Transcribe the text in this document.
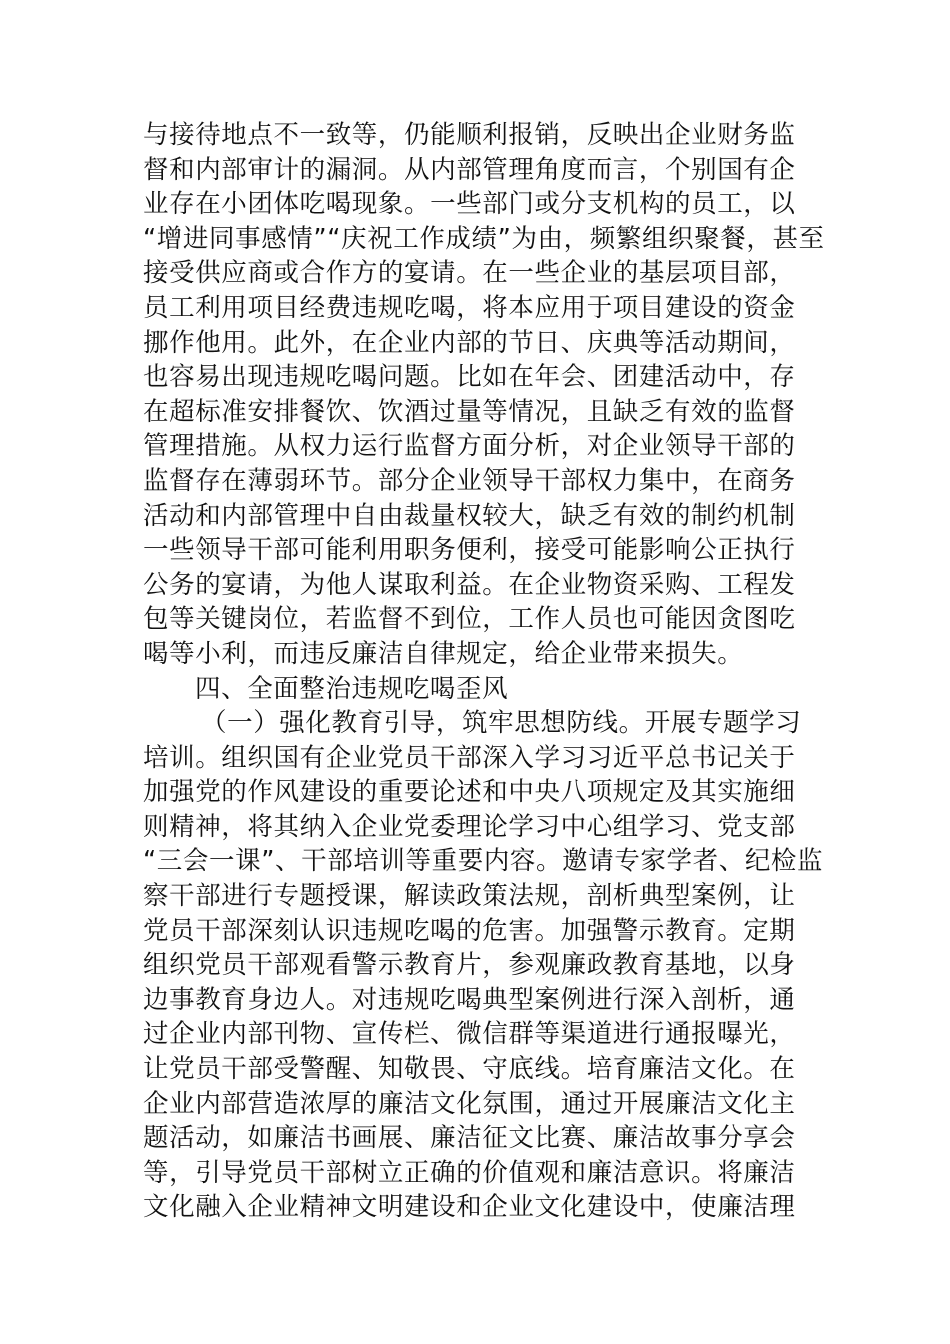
与接待地点不一致等，仍能顺利报销，反映出企业财务监
督和内部审计的漏洞。从内部管理角度而言，个别国有企
业存在小团体吃喝现象。一些部门或分支机构的员工，以
“增进同事感情”“庆祝工作成绩”为由，频繁组织聚餐，甚至
接受供应商或合作方的宴请。在一些企业的基层项目部，
员工利用项目经费违规吃喝，将本应用于项目建设的资金
挪作他用。此外，在企业内部的节日、庆典等活动期间，
也容易出现违规吃喝问题。比如在年会、团建活动中，存
在超标准安排餐饮、饮酒过量等情况，且缺乏有效的监督
管理措施。从权力运行监督方面分析，对企业领导干部的
监督存在薄弱环节。部分企业领导干部权力集中，在商务
活动和内部管理中自由裁量权较大，缺乏有效的制约机制
一些领导干部可能利用职务便利，接受可能影响公正执行
公务的宴请，为他人谋取利益。在企业物资采购、工程发
包等关键岗位，若监督不到位，工作人员也可能因贪图吃
喝等小利，而违反廉洁自律规定，给企业带来损失。
四、全面整治违规吃喝歪风
（一）强化教育引导，筑牢思想防线。开展专题学习
培训。组织国有企业党员干部深入学习习近平总书记关于
加强党的作风建设的重要论述和中央八项规定及其实施细
则精神，将其纳入企业党委理论学习中心组学习、党支部
“三会一课”、干部培训等重要内容。邀请专家学者、纪检监
察干部进行专题授课，解读政策法规，剖析典型案例，让
党员干部深刻认识违规吃喝的危害。加强警示教育。定期
组织党员干部观看警示教育片，参观廉政教育基地，以身
边事教育身边人。对违规吃喝典型案例进行深入剖析，通
过企业内部刊物、宣传栏、微信群等渠道进行通报曝光，
让党员干部受警醒、知敬畏、守底线。培育廉洁文化。在
企业内部营造浓厚的廉洁文化氛围，通过开展廉洁文化主
题活动，如廉洁书画展、廉洁征文比赛、廉洁故事分享会
等，引导党员干部树立正确的价值观和廉洁意识。将廉洁
文化融入企业精神文明建设和企业文化建设中，使廉洁理
